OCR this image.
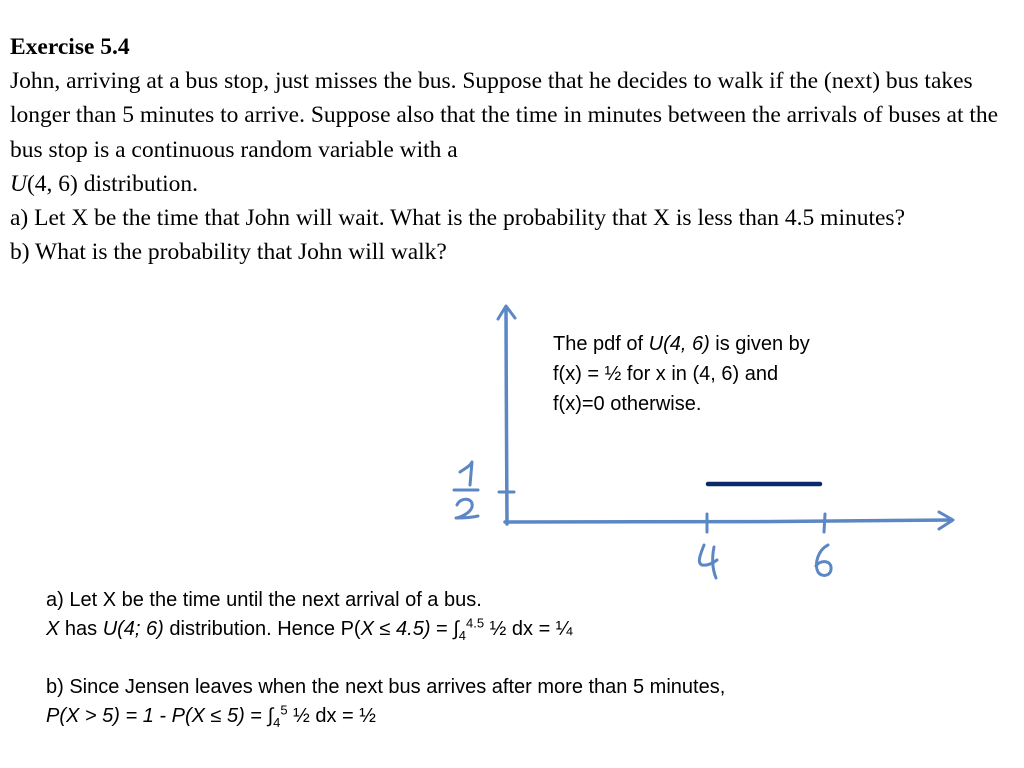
Exercise 5.4
John, arriving at a bus stop, just misses the bus. Suppose that he decides to walk if the (next) bus takes longer than 5 minutes to arrive. Suppose also that the time in minutes between the arrivals of buses at the bus stop is a continuous random variable with a
U(4, 6) distribution.
a) Let X be the time that John will wait. What is the probability that X is less than 4.5 minutes?
b) What is the probability that John will walk?
The pdf of U(4, 6) is given by
f(x) = ½ for x in (4, 6) and
f(x)=0 otherwise.
a) Let X be the time until the next arrival of a bus.
X has U(4; 6) distribution. Hence $P(X \le 4.5) = \int_4^{4.5}$ ½ dx = ¼
b) Since Jensen leaves when the next bus arrives after more than 5 minutes,
$P(X > 5) = 1 - P(X \le 5) = \int_4^5$ ½ dx = ½
